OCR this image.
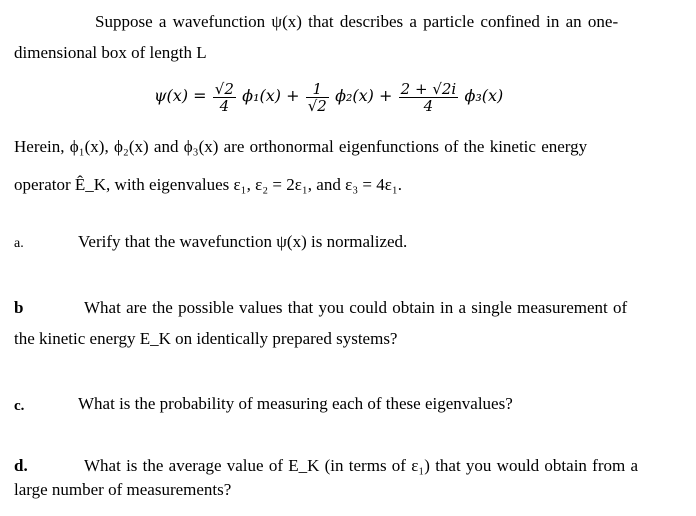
Suppose a wavefunction ψ(x) that describes a particle confined in an one-
dimensional box of length L
$\psi(x) = \frac{√2}{4} \phi_1(x) + \frac{1}{√2} \phi_2(x) + \frac{2 + √2i}{4} \phi_3(x)$
Herein, ϕ₁(x), ϕ₂(x) and ϕ₃(x) are orthonormal eigenfunctions of the kinetic energy
operator Ê_K, with eigenvalues ε₁, ε₂ = 2ε₁, and ε₃ = 4ε₁.
a.	Verify that the wavefunction ψ(x) is normalized.
b	What are the possible values that you could obtain in a single measurement of
the kinetic energy E_K on identically prepared systems?
c.	What is the probability of measuring each of these eigenvalues?
d.	What is the average value of E_K (in terms of ε₁) that you would obtain from a
large number of measurements?
